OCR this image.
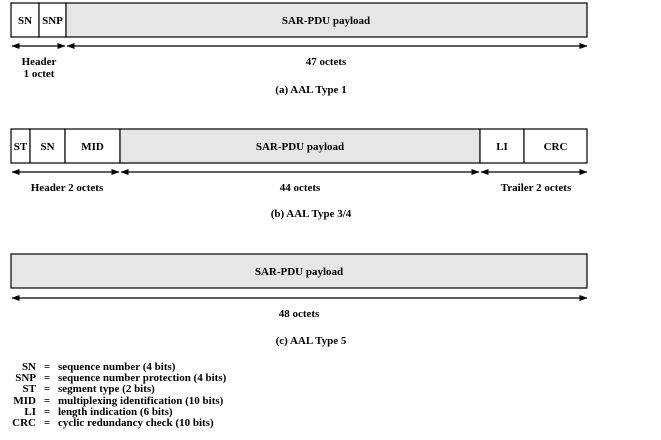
SN SNP	SAR-PDU payload
Header
1 octet
47 octets
(a) AAL Type 1
ST SN MID	SAR-PDU payload	LI	CRC
Header 2 octets	44 octets	Trailer 2 octets
(b) AAL Type 3/4
SAR-PDU payload
48 octets
(c) AAL Type 5
SN = sequence number (4 bits)
SNP = sequence number protection (4 bits)
ST = segment type (2 bits)
MID = multiplexing identification (10 bits)
LI = length indication (6 bits)
CRC = cyclic redundancy check (10 bits)
